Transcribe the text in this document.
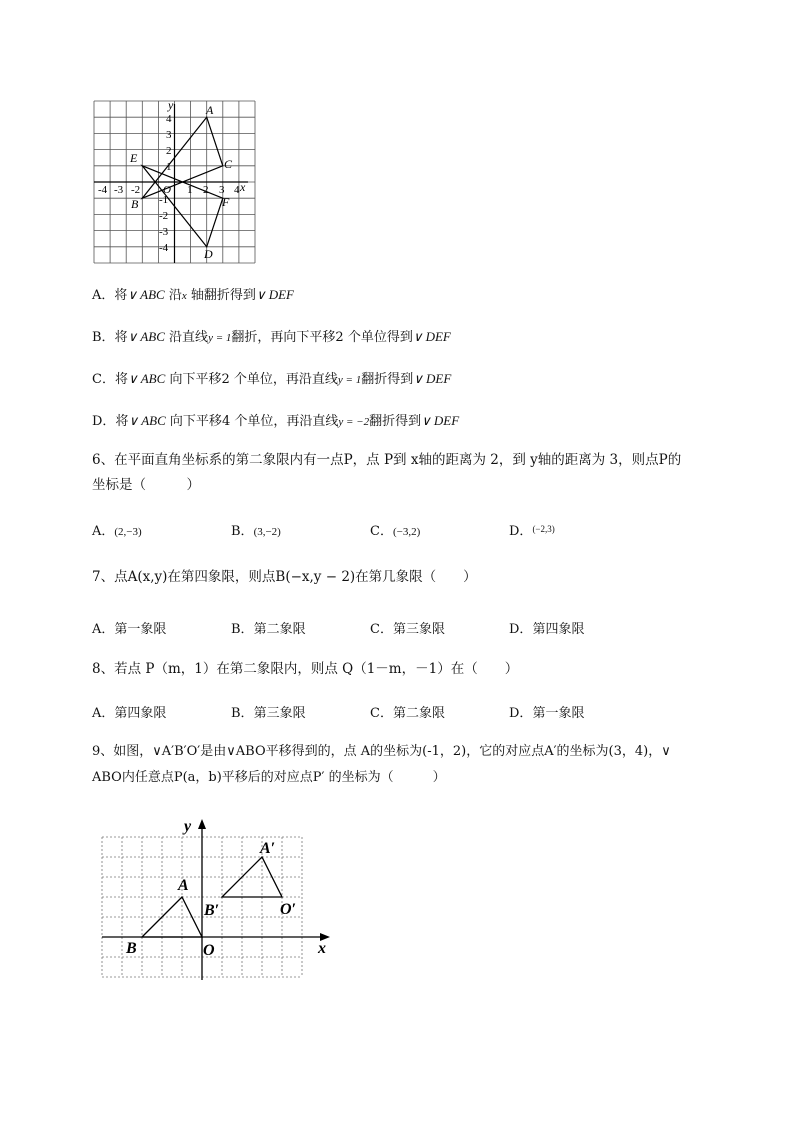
x
y
O
-4 -3 -2	1 2 3 4
4
3
2
1
-1
-2
-3
-4
A
B
C
D
E
F
A．将∨ ABC 沿x 轴翻折得到∨ DEF
B．将∨ ABC 沿直线y = 1翻折，再向下平移2 个单位得到∨ DEF
C．将∨ ABC 向下平移2 个单位，再沿直线y = 1翻折得到∨ DEF
D．将∨ ABC 向下平移4 个单位，再沿直线y = −2翻折得到∨ DEF
6、在平面直角坐标系的第二象限内有一点P，点 P到 x轴的距离为 2，到 y轴的距离为 3，则点P的
坐标是（　　　）
A．(2,−3)	B．(3,−2)	C．(−3,2)	D．$^{(-2,3)}$
7、点A(x,y)在第四象限，则点B(−x,y − 2)在第几象限（　　）
A．第一象限	B．第二象限	C．第三象限	D．第四象限
8、若点 P（m，1）在第二象限内，则点 Q（1－m，－1）在（　　）
A．第四象限	B．第三象限	C．第二象限	D．第一象限
9、如图，∨A′B′O′是由∨ABO平移得到的，点 A的坐标为(-1，2)，它的对应点A′的坐标为(3，4)，∨
ABO内任意点P(a，b)平移后的对应点P′ 的坐标为（　　　）
x
y
O
A
B
A′
B′	O′
